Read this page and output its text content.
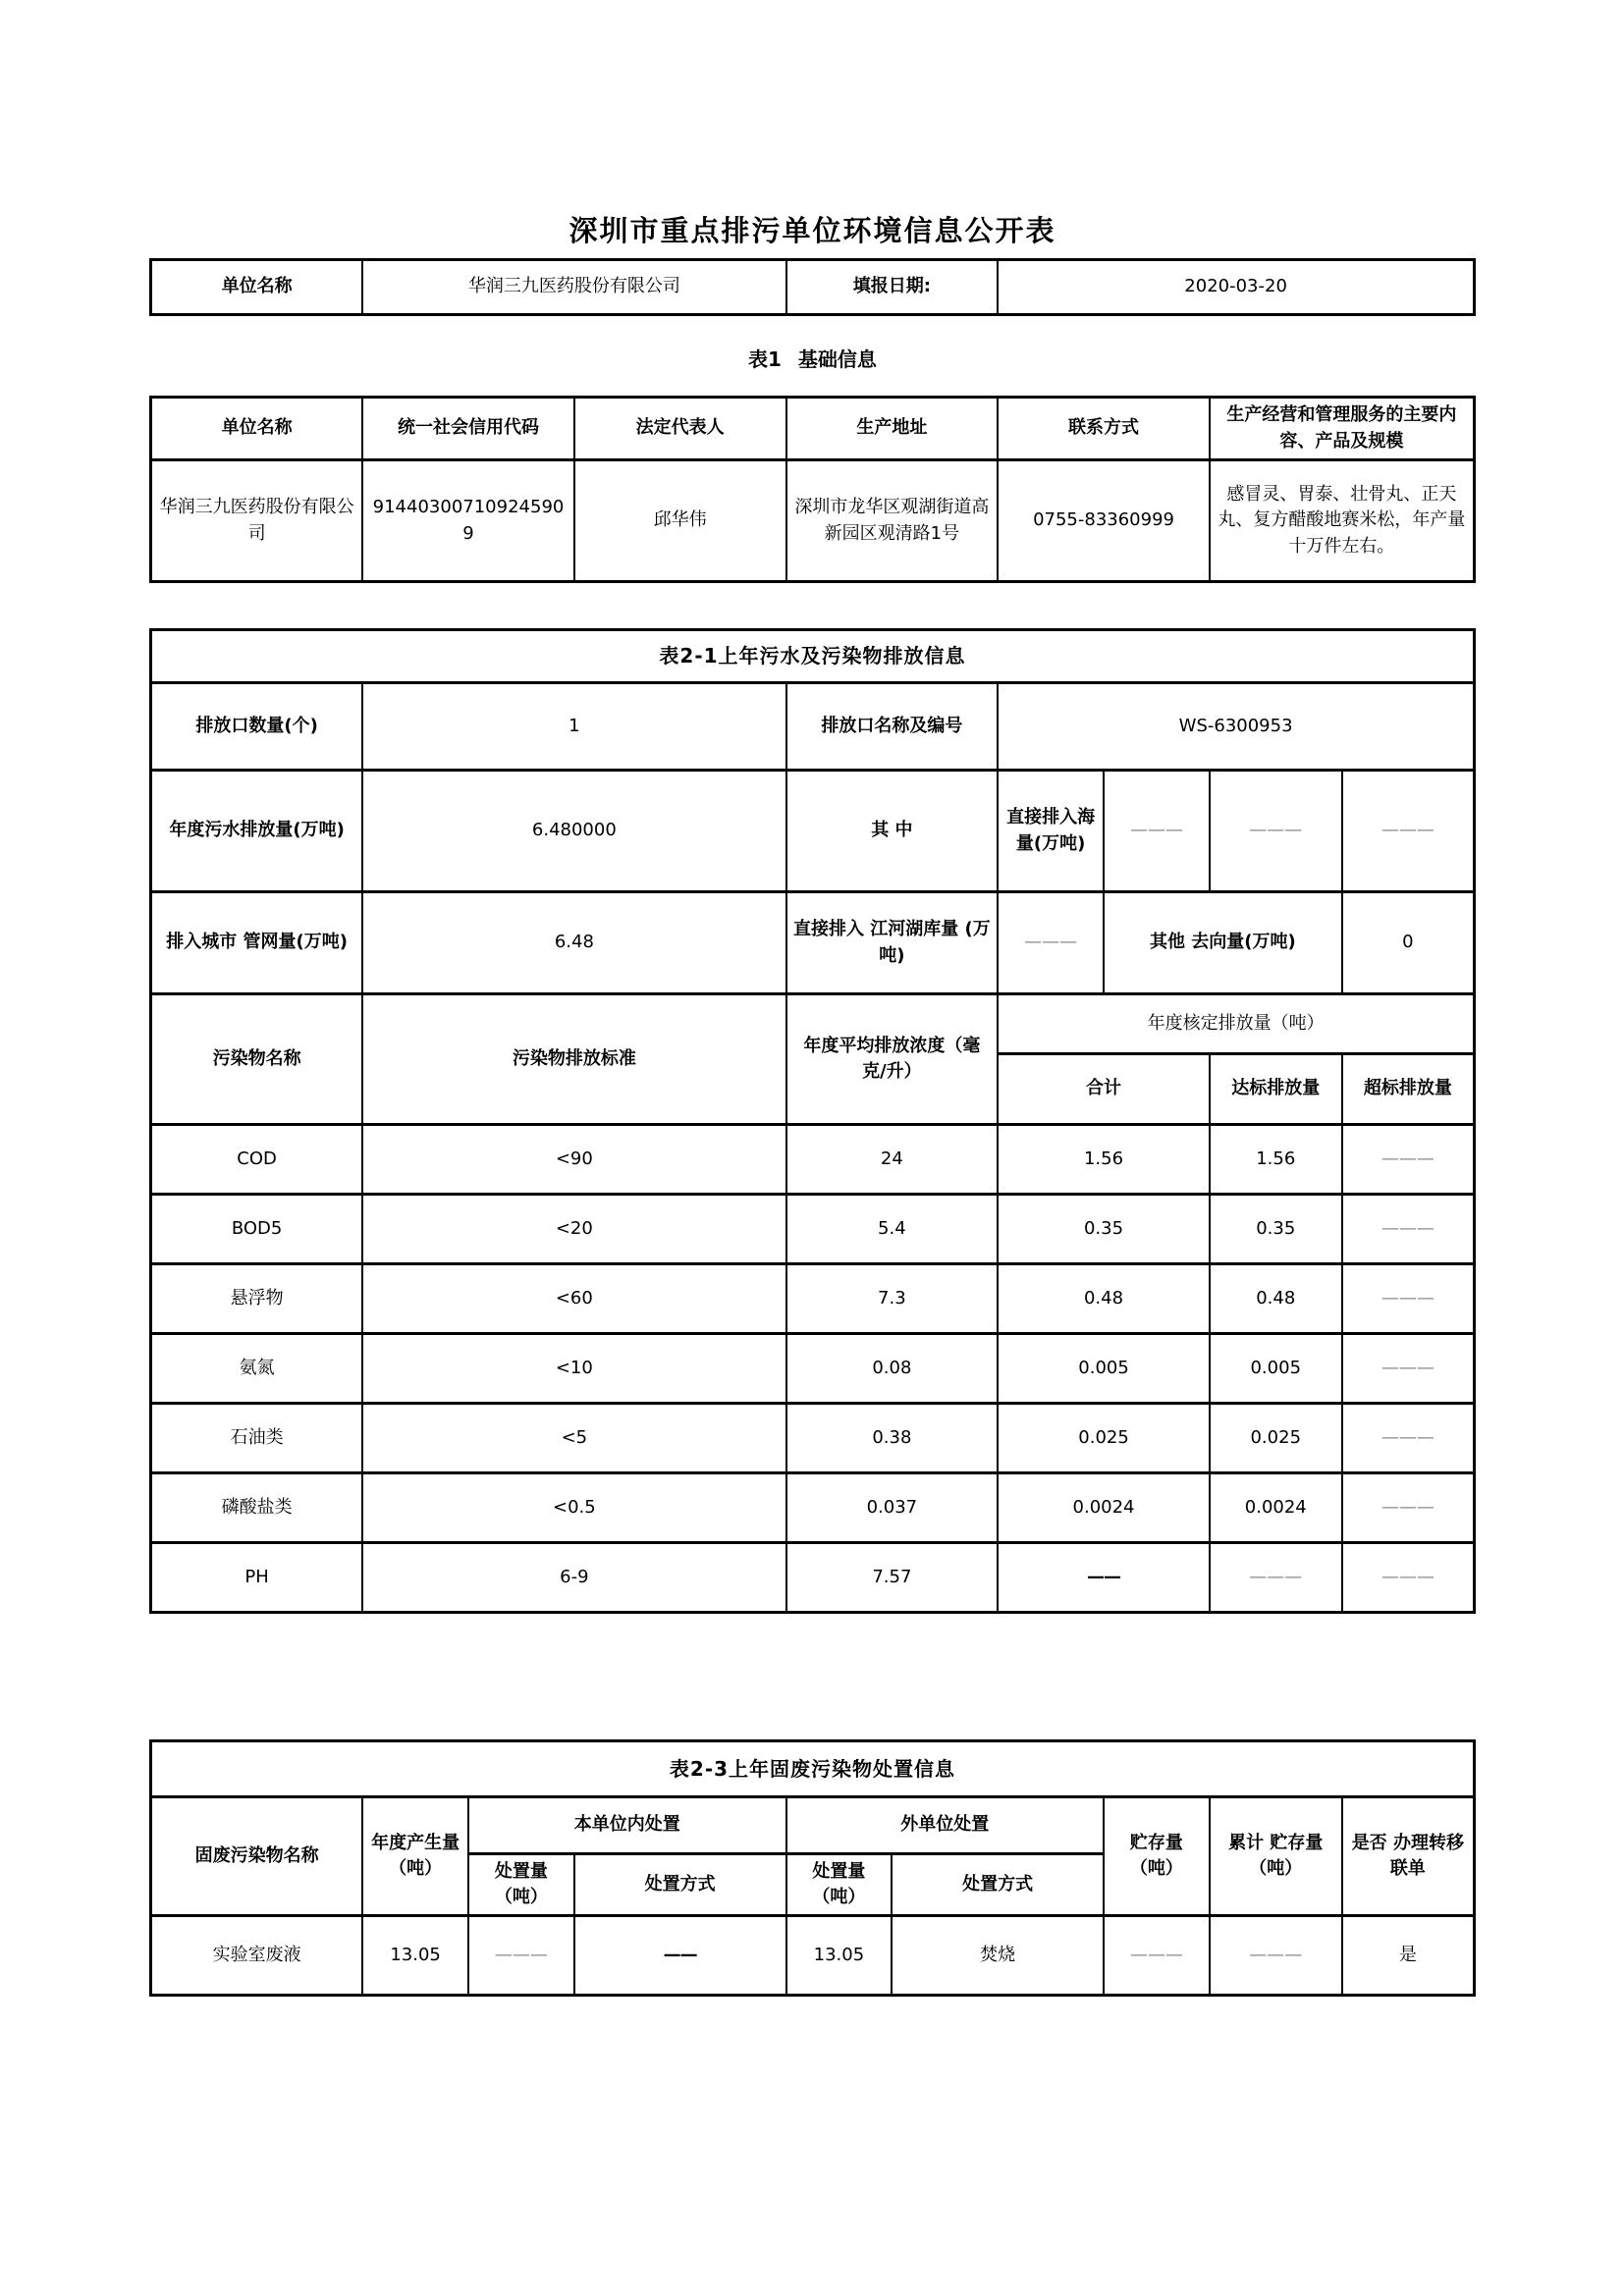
深圳市重点排污单位环境信息公开表
单位名称	华润三九医药股份有限公司	填报日期:	2020-03-20
表1 基础信息
单位名称	统一社会信用代码	法定代表人	生产地址	联系方式	生产经营和管理服务的主要内容、产品及规模
华润三九医药股份有限公司	914403007109245909	邱华伟	深圳市龙华区观湖街道高新园区观清路1号	0755-83360999	感冒灵、胃泰、壮骨丸、正天丸、复方醋酸地赛米松，年产量十万件左右。
表2-1上年污水及污染物排放信息						
排放口数量(个)	1	排放口名称及编号	WS-6300953			
年度污水排放量(万吨)	6.480000	其 中	直接排入海量(万吨)	———	———	———
排入城市 管网量(万吨)	6.48	直接排入 江河湖库量 (万吨)	———	其他 去向量(万吨)		0
污染物名称	污染物排放标准	年度平均排放浓度（毫克/升）	年度核定排放量（吨）			
			合计		达标排放量	超标排放量
COD	<90	24	1.56		1.56	———
BOD5	<20	5.4	0.35		0.35	———
悬浮物	<60	7.3	0.48		0.48	———
氨氮	<10	0.08	0.005		0.005	———
石油类	<5	0.38	0.025		0.025	———
磷酸盐类	<0.5	0.037	0.0024		0.0024	———
PH	6-9	7.57	——		———	———
表2-3上年固废污染物处置信息								
固废污染物名称	年度产生量（吨）	本单位内处置		外单位处置		贮存量（吨）	累计 贮存量（吨）	是否 办理转移联单
		处置量（吨）	处置方式	处置量（吨）	处置方式			
实验室废液	13.05	———	——	13.05	焚烧	———	———	是
